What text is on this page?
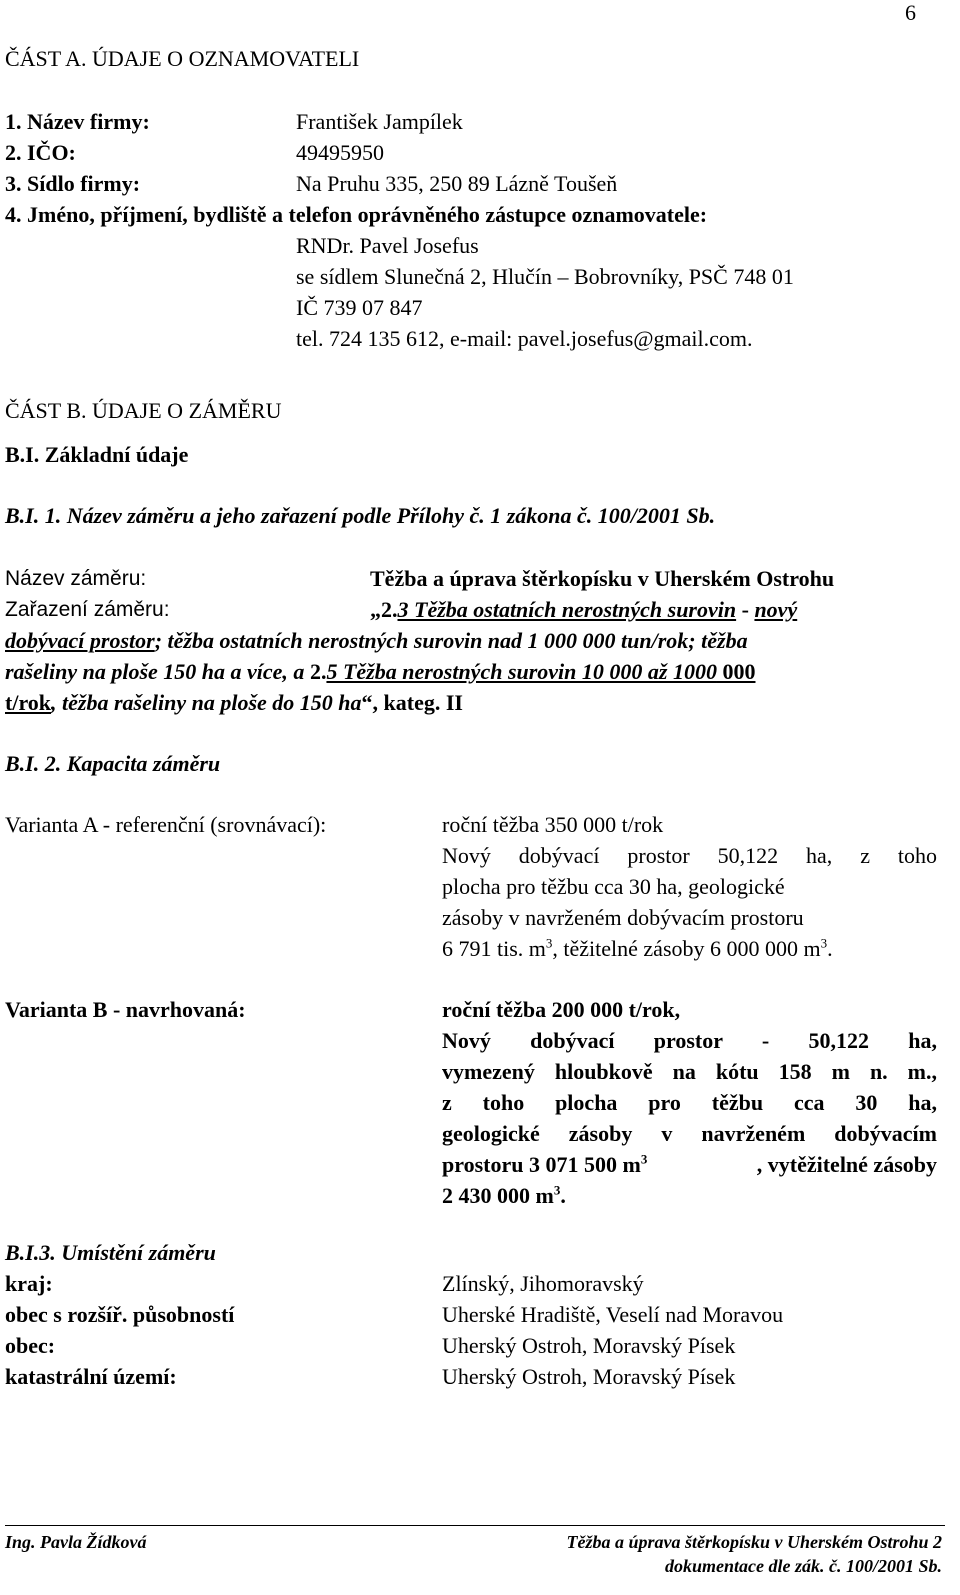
6
ČÁST A. ÚDAJE O OZNAMOVATELI
1. Název firmy:	František Jampílek
2. IČO:	49495950
3. Sídlo firmy:	Na Pruhu 335, 250 89 Lázně Toušeň
4. Jméno, příjmení, bydliště a telefon oprávněného zástupce oznamovatele:
RNDr. Pavel Josefus
se sídlem Slunečná 2, Hlučín – Bobrovníky, PSČ 748 01
IČ 739 07 847
tel. 724 135 612, e-mail: pavel.josefus@gmail.com.
ČÁST B. ÚDAJE O ZÁMĚRU
B.I. Základní údaje
B.I. 1. Název záměru a jeho zařazení podle Přílohy č. 1 zákona č. 100/2001 Sb.
Název záměru:	Těžba a úprava štěrkopísku v Uherském Ostrohu
Zařazení záměru:	„2.3 Těžba ostatních nerostných surovin - nový
dobývací prostor; těžba ostatních nerostných surovin nad 1 000 000 tun/rok; těžba
rašeliny na ploše 150 ha a více, a 2.5 Těžba nerostných surovin 10 000 až 1000 000
t/rok, těžba rašeliny na ploše do 150 ha“, kateg. II
B.I. 2. Kapacita záměru
Varianta A - referenční (srovnávací):	roční těžba 350 000 t/rok
Nový dobývací prostor 50,122 ha, z toho
plocha pro těžbu cca 30 ha, geologické
zásoby v navrženém dobývacím prostoru
6 791 tis. $m^3$, těžitelné zásoby 6 000 000 $m^3$.
Varianta B - navrhovaná:	roční těžba 200 000 t/rok,
Nový dobývací prostor - 50,122 ha,
vymezený hloubkově na kótu 158 m n. m.,
z toho plocha pro těžbu cca 30 ha,
geologické zásoby v navrženém dobývacím
prostoru 3 071 500 $m^3$	, vytěžitelné zásoby
2 430 000 $m^3$.
B.I.3. Umístění záměru
kraj:	Zlínský, Jihomoravský
obec s rozšíř. působností	Uherské Hradiště, Veselí nad Moravou
obec:	Uherský Ostroh, Moravský Písek
katastrální území:	Uherský Ostroh, Moravský Písek
Ing. Pavla Žídková	Těžba a úprava štěrkopísku v Uherském Ostrohu 2
dokumentace dle zák. č. 100/2001 Sb.
